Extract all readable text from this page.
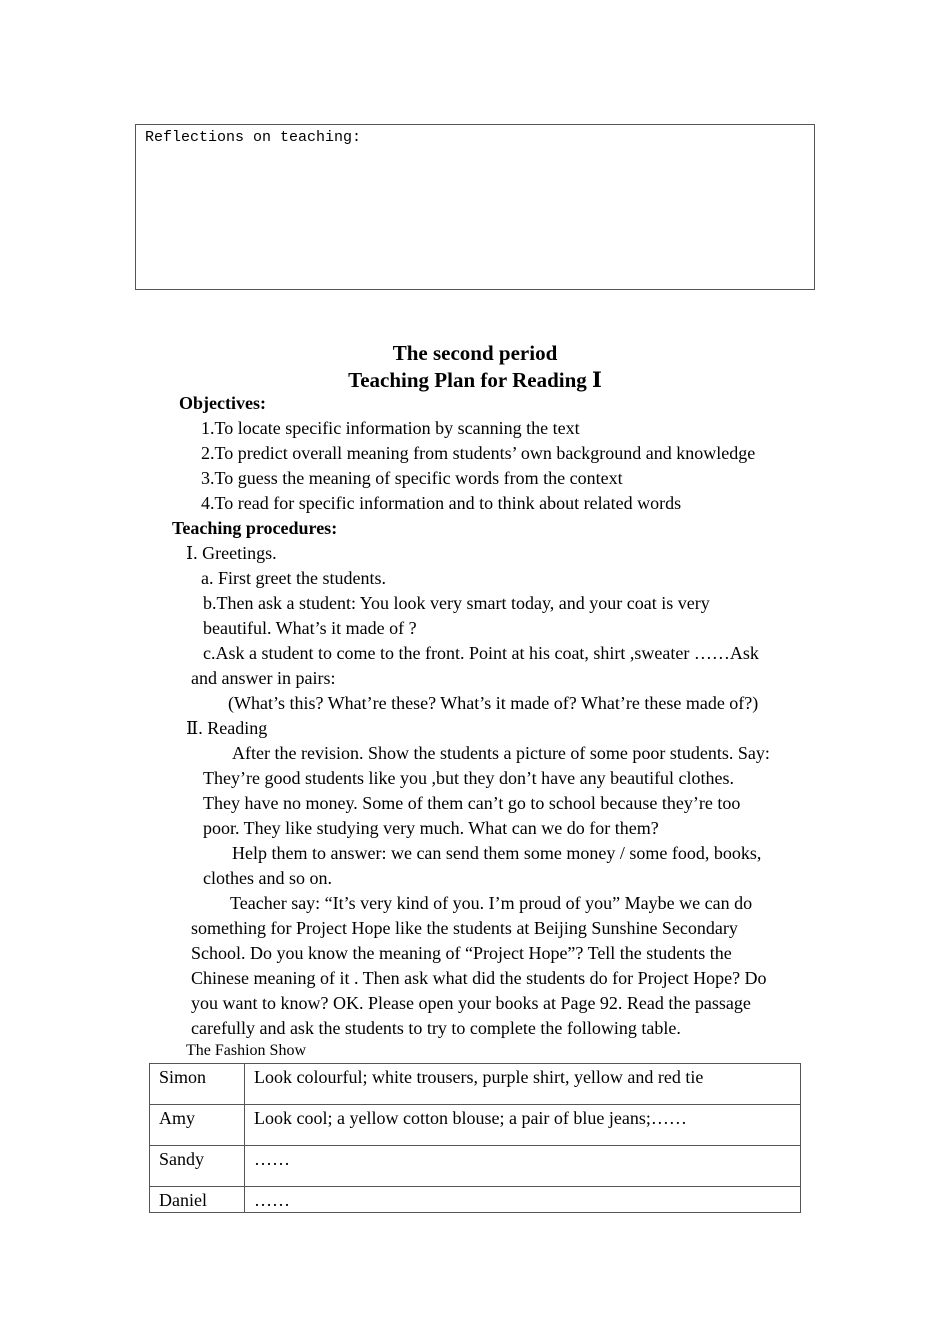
Reflections on teaching:
The second period
Teaching Plan for Reading Ⅰ
Objectives:
1.To locate specific information by scanning the text
2.To predict overall meaning from students’ own background and knowledge
3.To guess the meaning of specific words from the context
4.To read for specific information and to think about related words
Teaching procedures:
Ⅰ. Greetings.
a. First greet the students.
b.Then ask a student: You look very smart today, and your coat is very
beautiful. What’s it made of ?
c.Ask a student to come to the front. Point at his coat, shirt ,sweater ……Ask
and answer in pairs:
(What’s this? What’re these? What’s it made of? What’re these made of?)
Ⅱ. Reading
After the revision. Show the students a picture of some poor students. Say:
They’re good students like you ,but they don’t have any beautiful clothes.
They have no money. Some of them can’t go to school because they’re too
poor. They like studying very much. What can we do for them?
Help them to answer: we can send them some money / some food, books,
clothes and so on.
Teacher say: “It’s very kind of you. I’m proud of you” Maybe we can do
something for Project Hope like the students at Beijing Sunshine Secondary
School. Do you know the meaning of “Project Hope”? Tell the students the
Chinese meaning of it . Then ask what did the students do for Project Hope? Do
you want to know? OK. Please open your books at Page 92. Read the passage
carefully and ask the students to try to complete the following table.
The Fashion Show
Simon	Look colourful; white trousers, purple shirt, yellow and red tie
Amy	Look cool; a yellow cotton blouse; a pair of blue jeans;……
Sandy	……
Daniel	……
